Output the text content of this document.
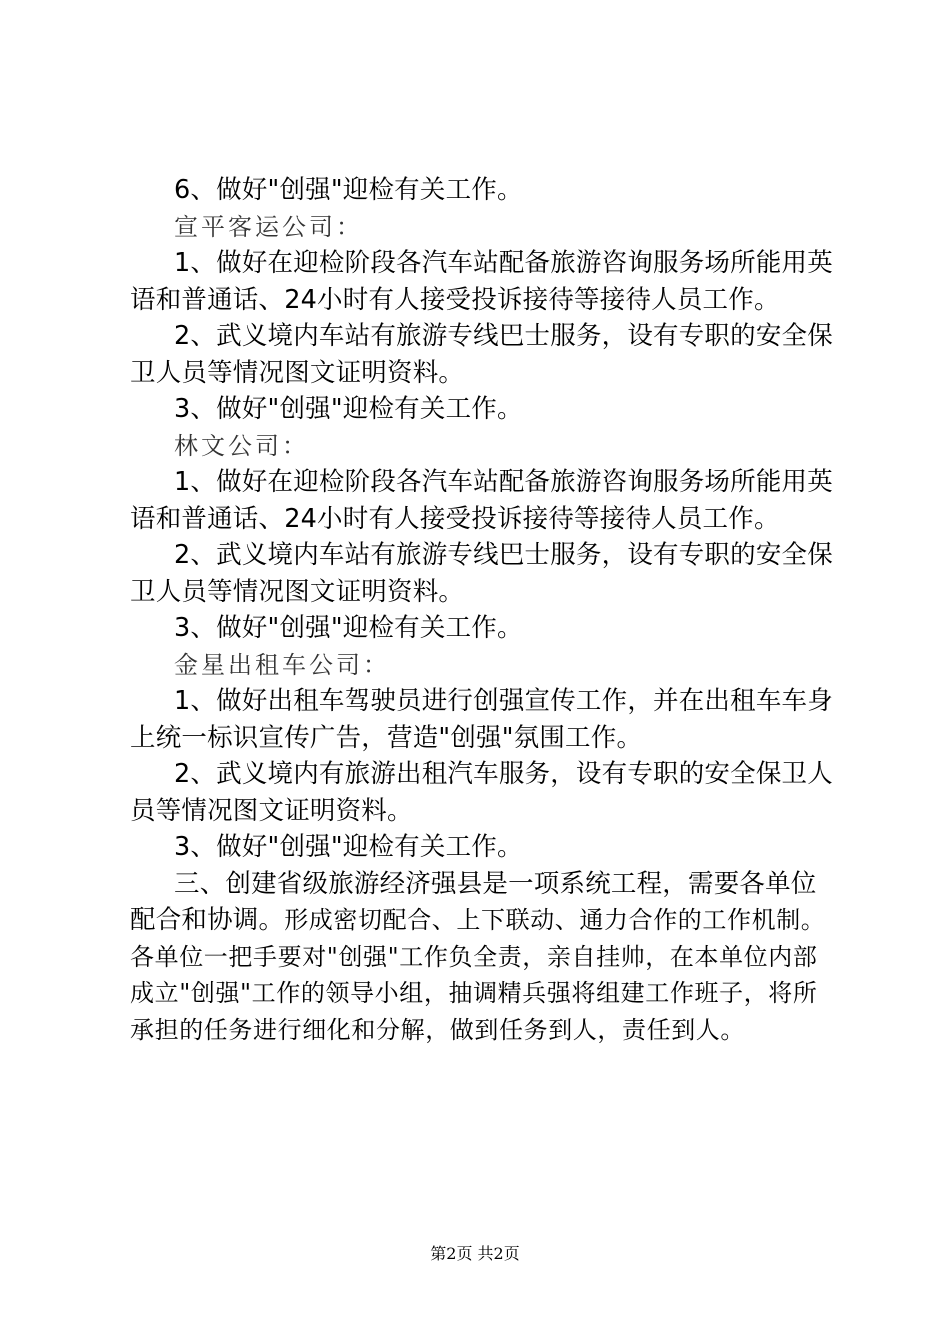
6、做好"创强"迎检有关工作。

宣平客运公司：

1、做好在迎检阶段各汽车站配备旅游咨询服务场所能用英语和普通话、24小时有人接受投诉接待等接待人员工作。

2、武义境内车站有旅游专线巴士服务，设有专职的安全保卫人员等情况图文证明资料。

3、做好"创强"迎检有关工作。

林文公司：

1、做好在迎检阶段各汽车站配备旅游咨询服务场所能用英语和普通话、24小时有人接受投诉接待等接待人员工作。

2、武义境内车站有旅游专线巴士服务，设有专职的安全保卫人员等情况图文证明资料。

3、做好"创强"迎检有关工作。

金星出租车公司：

1、做好出租车驾驶员进行创强宣传工作，并在出租车车身上统一标识宣传广告，营造"创强"氛围工作。

2、武义境内有旅游出租汽车服务，设有专职的安全保卫人员等情况图文证明资料。

3、做好"创强"迎检有关工作。

三、创建省级旅游经济强县是一项系统工程，需要各单位配合和协调。形成密切配合、上下联动、通力合作的工作机制。各单位一把手要对"创强"工作负全责，亲自挂帅，在本单位内部成立"创强"工作的领导小组，抽调精兵强将组建工作班子，将所承担的任务进行细化和分解，做到任务到人，责任到人。

第2页 共2页
